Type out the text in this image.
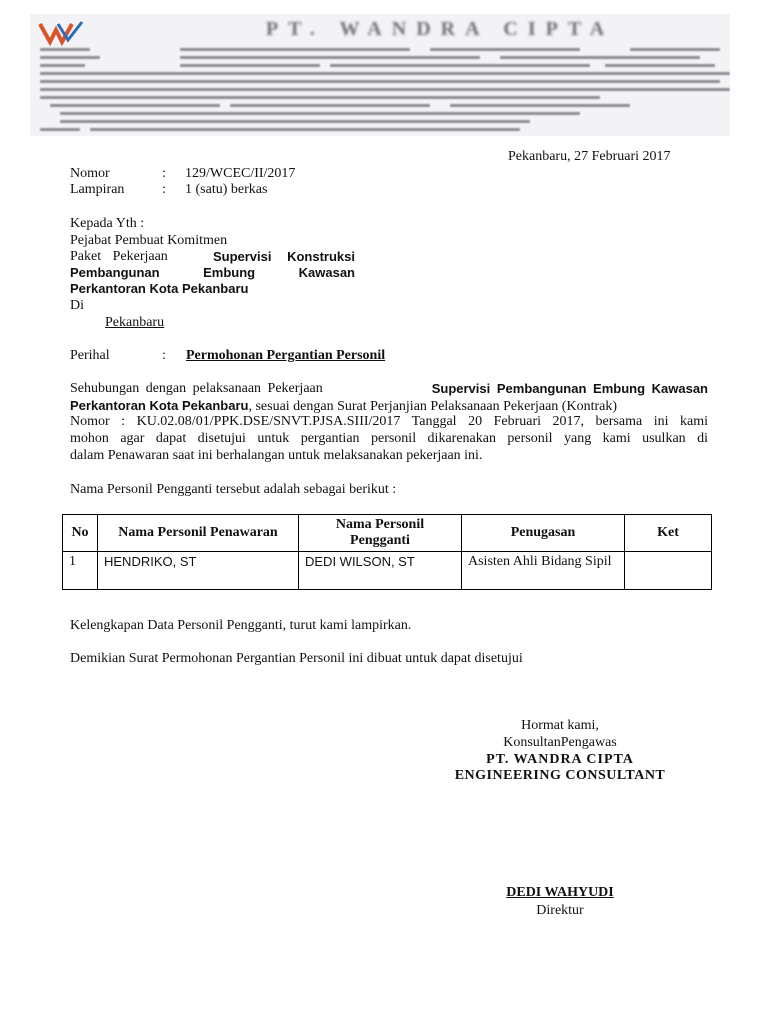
PT. WANDRA CIPTA
Pekanbaru, 27 Februari 2017
Nomor	: 129/WCEC/II/2017
Lampiran	: 1 (satu) berkas
Kepada Yth :
Pejabat Pembuat Komitmen
Paket Pekerjaan	Supervisi Konstruksi
Pembangunan Embung Kawasan
Perkantoran Kota Pekanbaru
Di
Pekanbaru
Perihal	: Permohonan Pergantian Personil
Sehubungan dengan pelaksanaan Pekerjaan	Supervisi Pembangunan Embung Kawasan
Perkantoran Kota Pekanbaru, sesuai dengan Surat Perjanjian Pelaksanaan Pekerjaan (Kontrak)
Nomor : KU.02.08/01/PPK.DSE/SNVT.PJSA.SIII/2017 Tanggal 20 Februari 2017, bersama ini kami
mohon agar dapat disetujui untuk pergantian personil dikarenakan personil yang kami usulkan di
dalam Penawaran saat ini berhalangan untuk melaksanakan pekerjaan ini.
Nama Personil Pengganti tersebut adalah sebagai berikut :
No	Nama Personil Penawaran	Nama Personil Pengganti	Penugasan	Ket
1	HENDRIKO, ST	DEDI WILSON, ST	Asisten Ahli Bidang Sipil	
Kelengkapan Data Personil Pengganti, turut kami lampirkan.
Demikian Surat Permohonan Pergantian Personil ini dibuat untuk dapat disetujui
Hormat kami,
KonsultanPengawas
PT. WANDRA CIPTA
ENGINEERING CONSULTANT
DEDI WAHYUDI
Direktur
